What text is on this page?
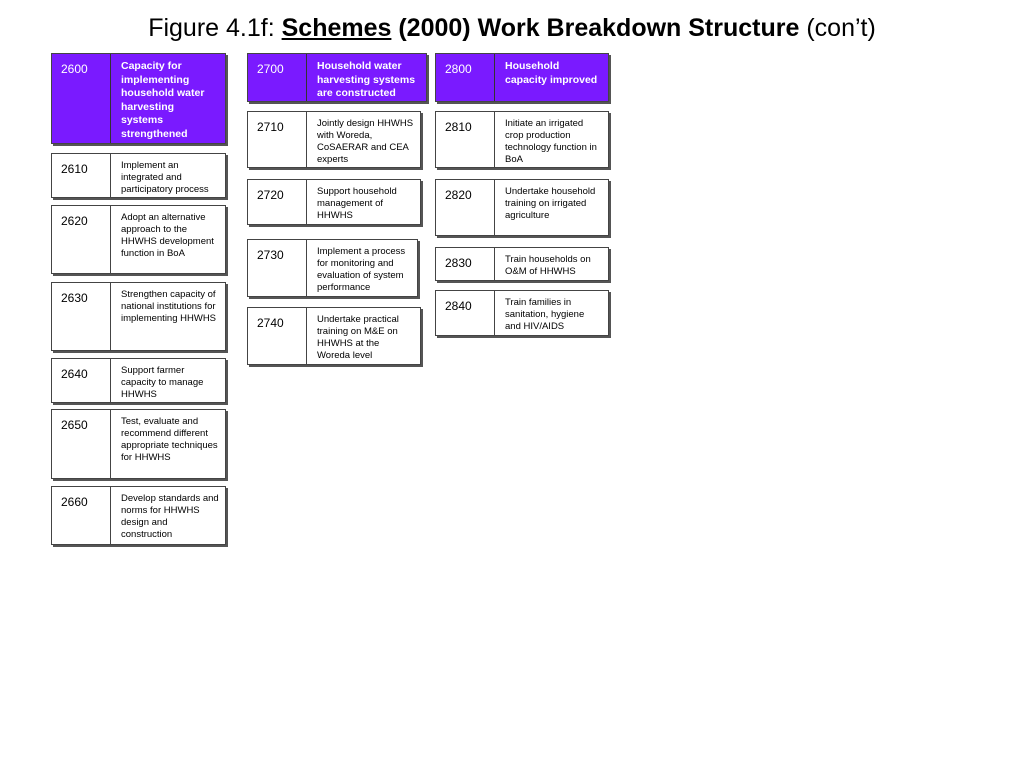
Figure 4.1f: Schemes (2000) Work Breakdown Structure (con’t)
2600	Capacity for implementing household water harvesting systems strengthened
2610	Implement an integrated and participatory process
2620	Adopt an alternative approach to the HHWHS development function in BoA
2630	Strengthen capacity of national institutions for implementing HHWHS
2640	Support farmer capacity to manage HHWHS
2650	Test, evaluate and recommend different appropriate techniques for HHWHS
2660	Develop standards and norms for HHWHS design and construction
2700	Household water harvesting systems are constructed
2710	Jointly design HHWHS with Woreda, CoSAERAR and CEA experts
2720	Support household management of HHWHS
2730	Implement a process for monitoring and evaluation of system performance
2740	Undertake practical training on M&E on HHWHS at the Woreda level
2800	Household capacity improved
2810	Initiate an irrigated crop production technology function in BoA
2820	Undertake household training on irrigated agriculture
2830	Train households on O&M of HHWHS
2840	Train families in sanitation, hygiene and HIV/AIDS
